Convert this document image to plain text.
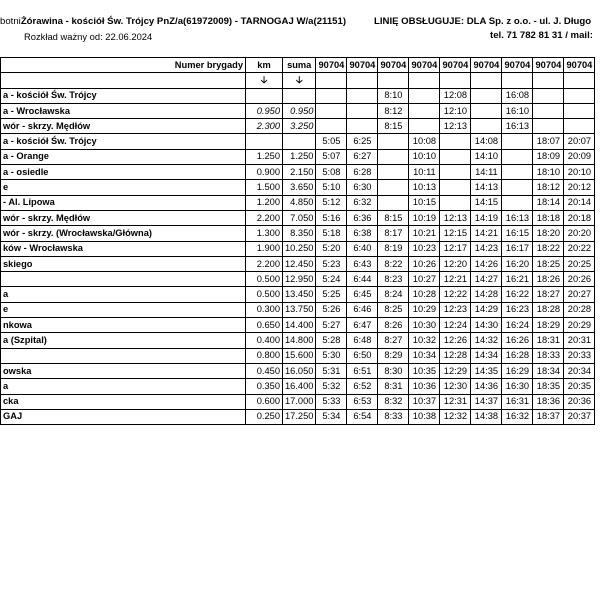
botniŻórawina - kościół Św. Trójcy PnZ/a(61972009) - TARNOGAJ W/a(21151)
Rozkład ważny od: 22.06.2024
LINIĘ OBSŁUGUJE: DLA Sp. z o.o. - ul. J. Długo
tel. 71 782 81 31 / mail:
Numer brygady	km	suma	90704	90704	90704	90704	90704	90704	90704	90704	90704
	🡣	🡣									
a - kościół Św. Trójcy					8:10		12:08		16:08		
a - Wrocławska	0.950	0.950			8:12		12:10		16:10		
wór - skrzy. Mędłów	2.300	3.250			8:15		12:13		16:13		
a - kościół Św. Trójcy			5:05	6:25		10:08		14:08		18:07	20:07
a - Orange	1.250	1.250	5:07	6:27		10:10		14:10		18:09	20:09
a - osiedle	0.900	2.150	5:08	6:28		10:11		14:11		18:10	20:10
e	1.500	3.650	5:10	6:30		10:13		14:13		18:12	20:12
- Al. Lipowa	1.200	4.850	5:12	6:32		10:15		14:15		18:14	20:14
wór - skrzy. Mędłów	2.200	7.050	5:16	6:36	8:15	10:19	12:13	14:19	16:13	18:18	20:18
wór - skrzy. (Wrocławska/Główna)	1.300	8.350	5:18	6:38	8:17	10:21	12:15	14:21	16:15	18:20	20:20
ków - Wrocławska	1.900	10.250	5:20	6:40	8:19	10:23	12:17	14:23	16:17	18:22	20:22
skiego	2.200	12.450	5:23	6:43	8:22	10:26	12:20	14:26	16:20	18:25	20:25
	0.500	12.950	5:24	6:44	8:23	10:27	12:21	14:27	16:21	18:26	20:26
a	0.500	13.450	5:25	6:45	8:24	10:28	12:22	14:28	16:22	18:27	20:27
e	0.300	13.750	5:26	6:46	8:25	10:29	12:23	14:29	16:23	18:28	20:28
nkowa	0.650	14.400	5:27	6:47	8:26	10:30	12:24	14:30	16:24	18:29	20:29
a (Szpital)	0.400	14.800	5:28	6:48	8:27	10:32	12:26	14:32	16:26	18:31	20:31
	0.800	15.600	5:30	6:50	8:29	10:34	12:28	14:34	16:28	18:33	20:33
owska	0.450	16.050	5:31	6:51	8:30	10:35	12:29	14:35	16:29	18:34	20:34
a	0.350	16.400	5:32	6:52	8:31	10:36	12:30	14:36	16:30	18:35	20:35
cka	0.600	17.000	5:33	6:53	8:32	10:37	12:31	14:37	16:31	18:36	20:36
GAJ	0.250	17.250	5:34	6:54	8:33	10:38	12:32	14:38	16:32	18:37	20:37
